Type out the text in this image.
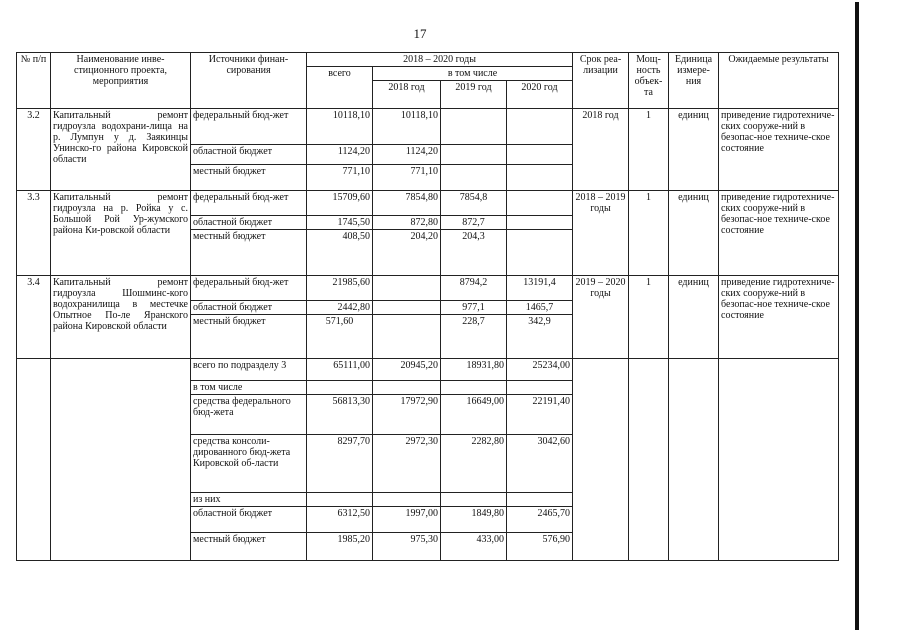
17
№ п/п	Наименование инве-стиционного проекта, мероприятия	Источники финан-сирования	2018 – 2020 годы				Срок реа-лизации	Мощ-ность объек-та	Единица измере-ния	Ожидаемые результаты
			всего	в том числе						
				2018 год	2019 год	2020 год				
3.2	Капитальный ремонт гидроузла водохрани-лища на р. Лумпун у д. Заякинцы Унинско-го района Кировской области	федеральный бюд-жет	10118,10	10118,10			2018 год	1	единиц	приведение гидротехниче-ских сооруже-ний в безопас-ное техниче-ское состояние
		областной бюджет	1124,20	1124,20						
		местный бюджет	771,10	771,10						
3.3	Капитальный ремонт гидроузла на р. Ройка у с. Большой Рой Ур-жумского района Ки-ровской области	федеральный бюд-жет	15709,60	7854,80	7854,8		2018 – 2019 годы	1	единиц	приведение гидротехниче-ских сооруже-ний в безопас-ное техниче-ское состояние
		областной бюджет	1745,50	872,80	872,7					
		местный бюджет	408,50	204,20	204,3					
3.4	Капитальный ремонт гидроузла Шошминс-кого водохранилища в местечке Опытное По-ле Яранского района Кировской области	федеральный бюд-жет	21985,60		8794,2	13191,4	2019 – 2020 годы	1	единиц	приведение гидротехниче-ских сооруже-ний в безопас-ное техниче-ское состояние
		областной бюджет	2442,80		977,1	1465,7				
		местный бюджет	571,60		228,7	342,9				
		всего по подразделу 3	65111,00	20945,20	18931,80	25234,00				
		в том числе								
		средства федерального бюд-жета	56813,30	17972,90	16649,00	22191,40				
		средства консоли-дированного бюд-жета Кировской об-ласти	8297,70	2972,30	2282,80	3042,60				
		из них								
		областной бюджет	6312,50	1997,00	1849,80	2465,70				
		местный бюджет	1985,20	975,30	433,00	576,90				
